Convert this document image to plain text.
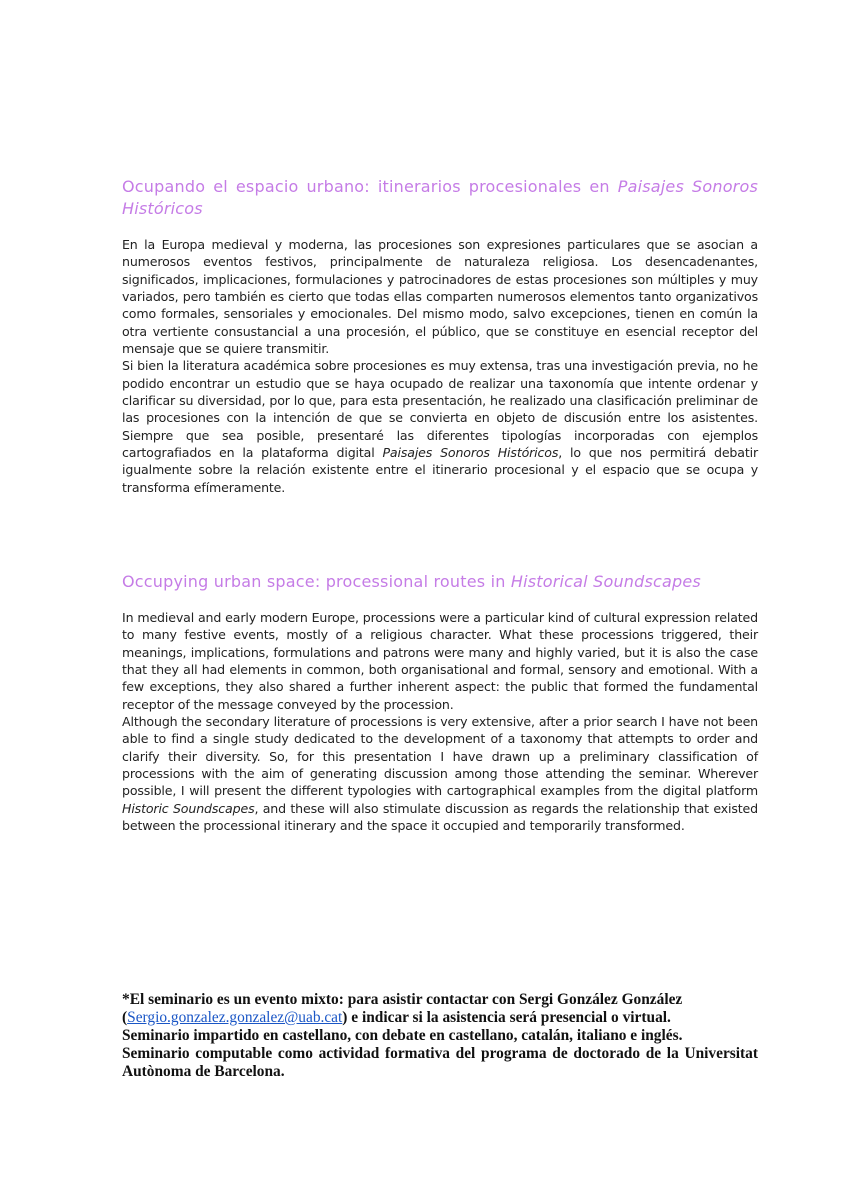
Ocupando el espacio urbano: itinerarios procesionales en Paisajes Sonoros Históricos

En la Europa medieval y moderna, las procesiones son expresiones particulares que se asocian a numerosos eventos festivos, principalmente de naturaleza religiosa. Los desencadenantes, significados, implicaciones, formulaciones y patrocinadores de estas procesiones son múltiples y muy variados, pero también es cierto que todas ellas comparten numerosos elementos tanto organizativos como formales, sensoriales y emocionales. Del mismo modo, salvo excepciones, tienen en común la otra vertiente consustancial a una procesión, el público, que se constituye en esencial receptor del mensaje que se quiere transmitir.

Si bien la literatura académica sobre procesiones es muy extensa, tras una investigación previa, no he podido encontrar un estudio que se haya ocupado de realizar una taxonomía que intente ordenar y clarificar su diversidad, por lo que, para esta presentación, he realizado una clasificación preliminar de las procesiones con la intención de que se convierta en objeto de discusión entre los asistentes. Siempre que sea posible, presentaré las diferentes tipologías incorporadas con ejemplos cartografiados en la plataforma digital Paisajes Sonoros Históricos, lo que nos permitirá debatir igualmente sobre la relación existente entre el itinerario procesional y el espacio que se ocupa y transforma efímeramente.

Occupying urban space: processional routes in Historical Soundscapes

In medieval and early modern Europe, processions were a particular kind of cultural expression related to many festive events, mostly of a religious character. What these processions triggered, their meanings, implications, formulations and patrons were many and highly varied, but it is also the case that they all had elements in common, both organisational and formal, sensory and emotional. With a few exceptions, they also shared a further inherent aspect: the public that formed the fundamental receptor of the message conveyed by the procession.

Although the secondary literature of processions is very extensive, after a prior search I have not been able to find a single study dedicated to the development of a taxonomy that attempts to order and clarify their diversity. So, for this presentation I have drawn up a preliminary classification of processions with the aim of generating discussion among those attending the seminar. Wherever possible, I will present the different typologies with cartographical examples from the digital platform Historic Soundscapes, and these will also stimulate discussion as regards the relationship that existed between the processional itinerary and the space it occupied and temporarily transformed.

*El seminario es un evento mixto: para asistir contactar con Sergi González González

(Sergio.gonzalez.gonzalez@uab.cat) e indicar si la asistencia será presencial o virtual.

Seminario impartido en castellano, con debate en castellano, catalán, italiano e inglés.

Seminario computable como actividad formativa del programa de doctorado de la Universitat Autònoma de Barcelona.
